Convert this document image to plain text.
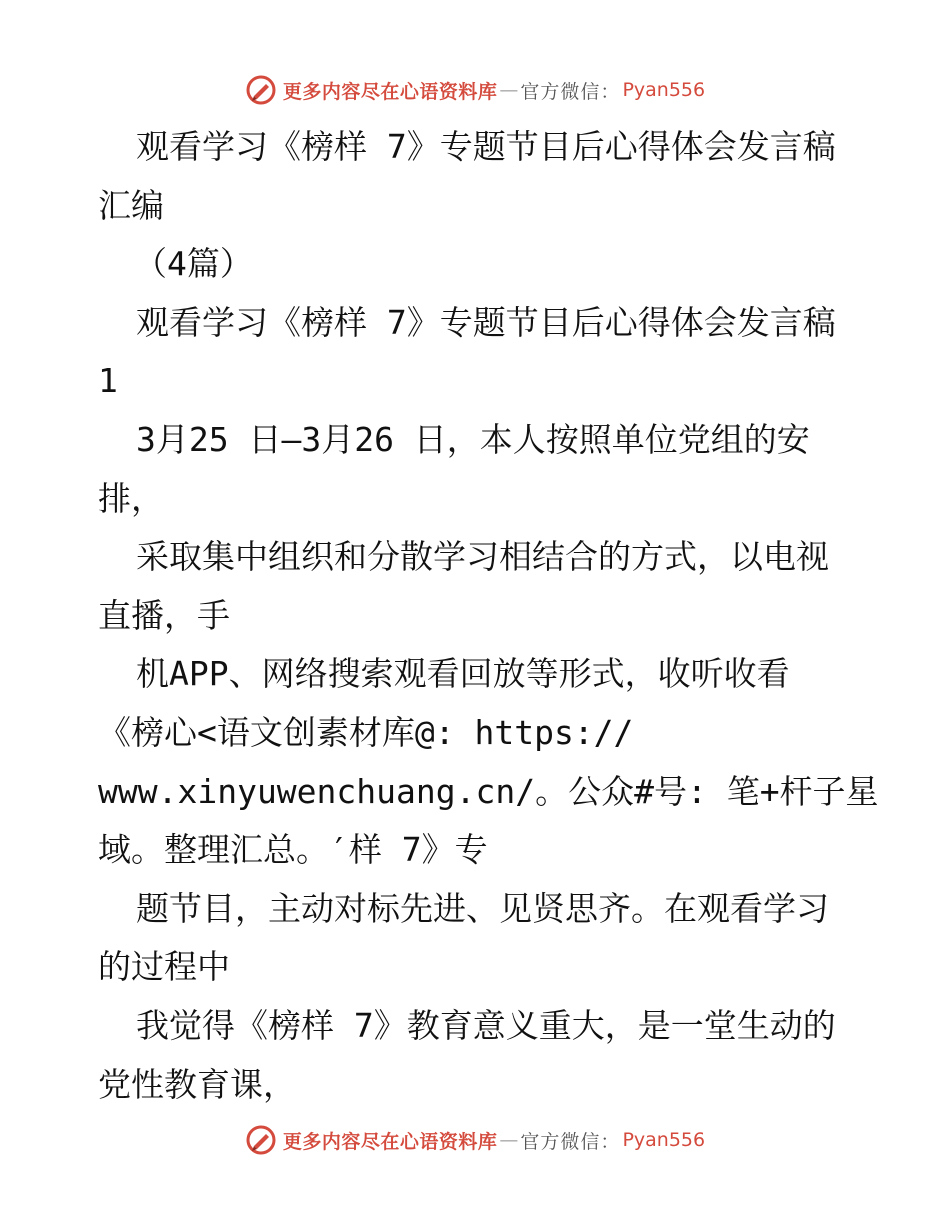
更多内容尽在心语资料库 — 官方微信： Pyan556
观看学习《榜样 7》专题节目后心得体会发言稿
汇编
（4篇）
观看学习《榜样 7》专题节目后心得体会发言稿
1
3月25 日—3月26 日，本人按照单位党组的安
排，
采取集中组织和分散学习相结合的方式，以电视
直播，手
机APP、网络搜索观看回放等形式，收听收看
《榜心<语文创素材库@: https://
www.xinyuwenchuang.cn/。公众#号: 笔+杆子星
域。整理汇总。′样 7》专
题节目，主动对标先进、见贤思齐。在观看学习
的过程中
我觉得《榜样 7》教育意义重大，是一堂生动的
党性教育课，
更多内容尽在心语资料库 — 官方微信： Pyan556
